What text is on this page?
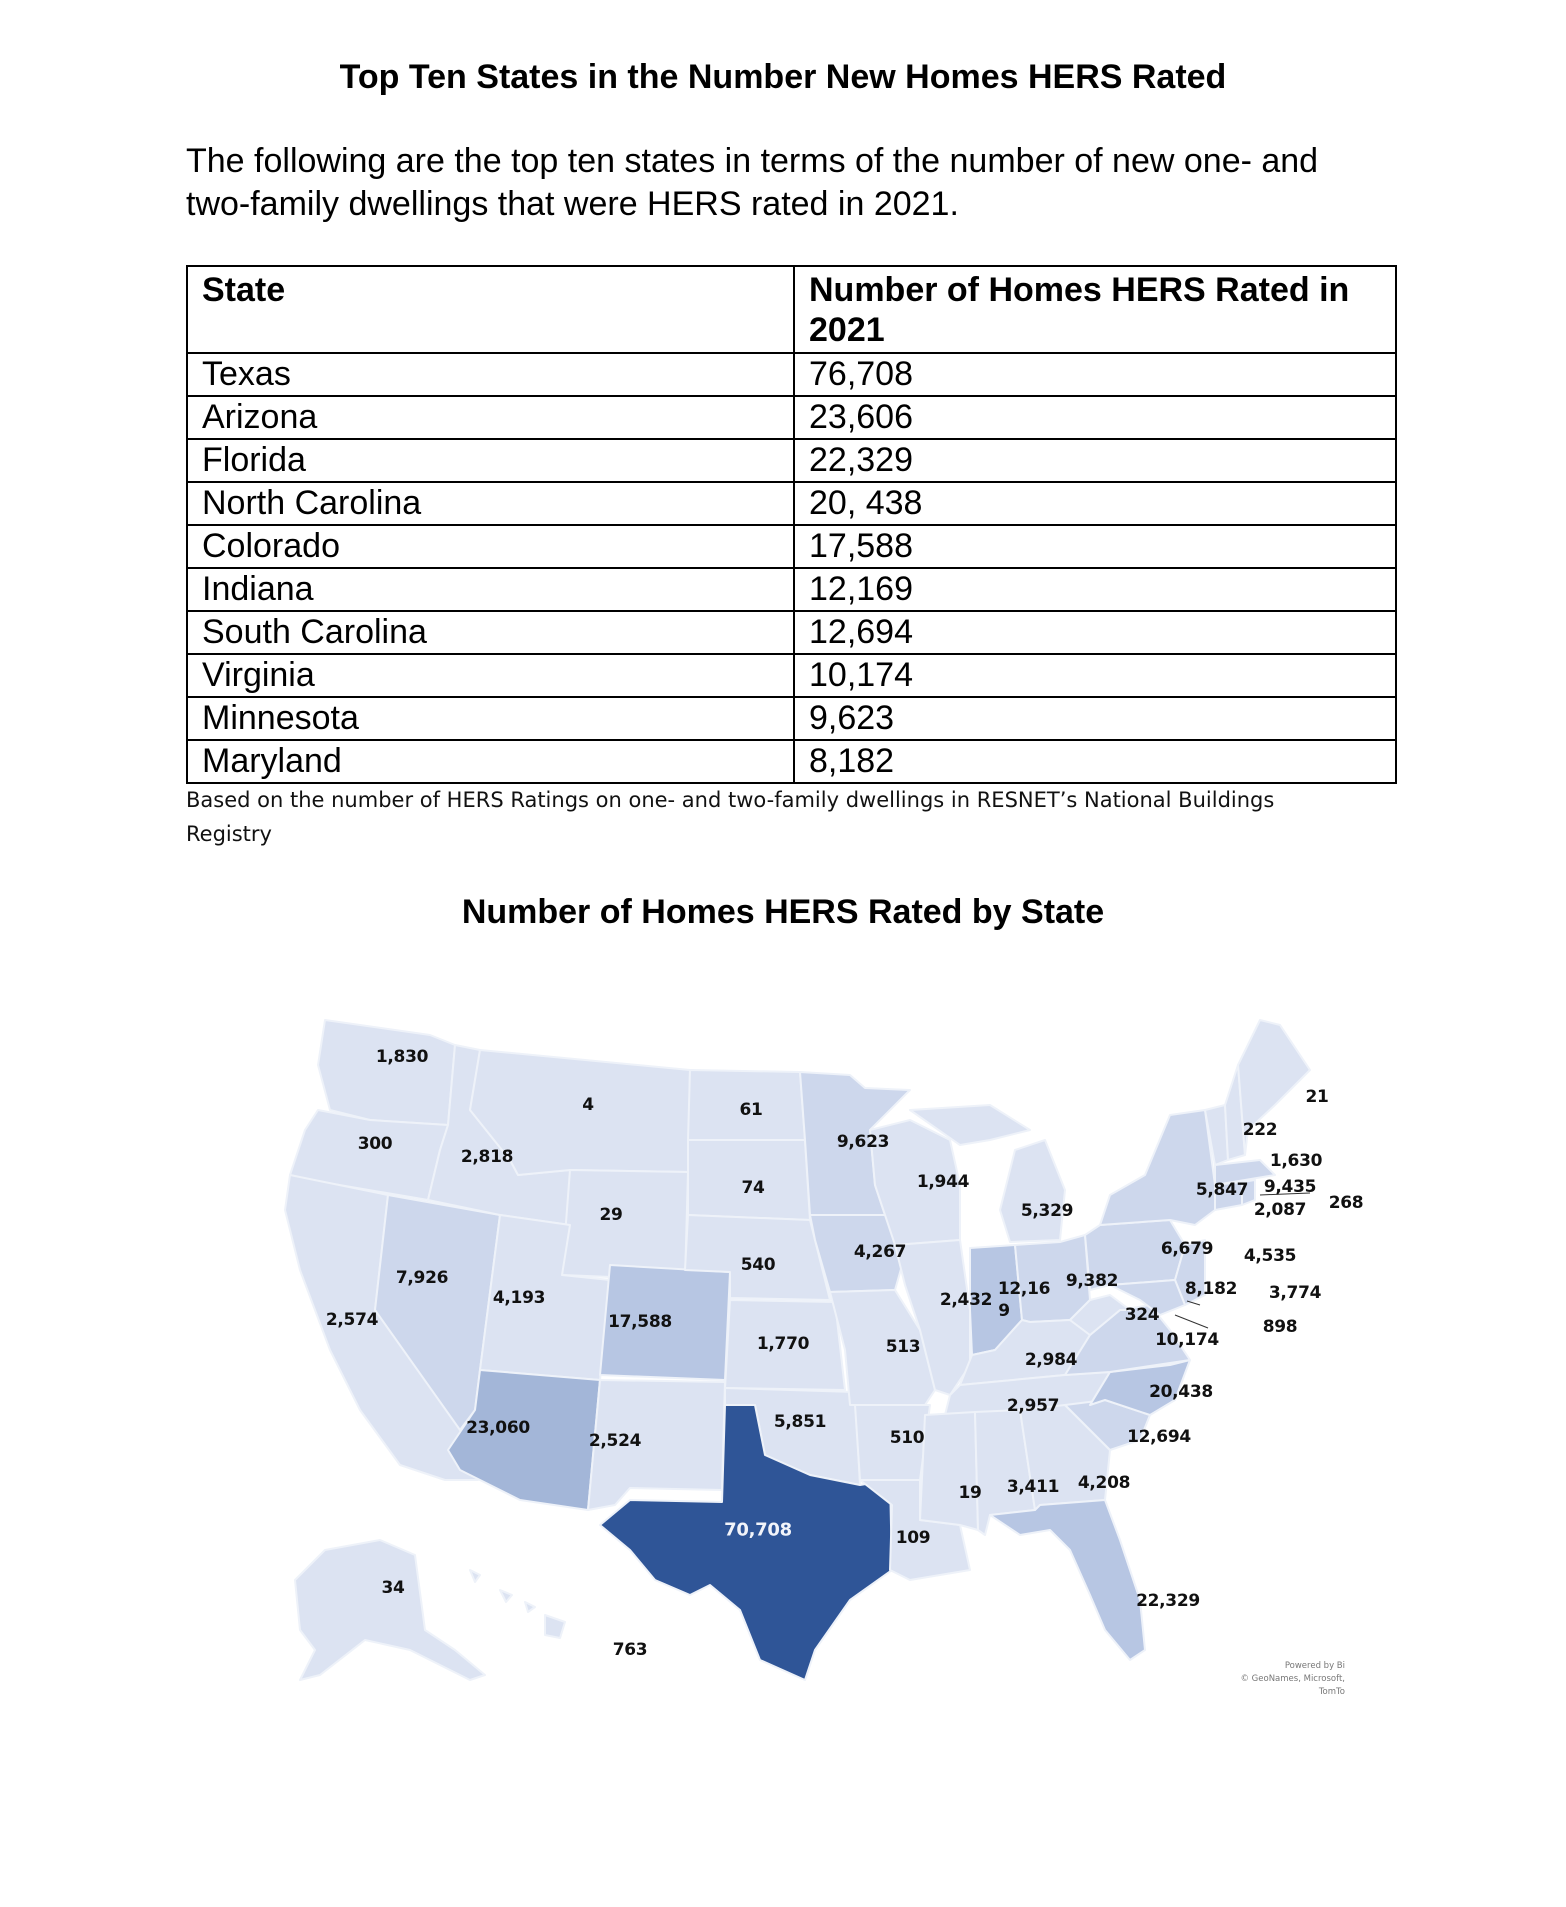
Top Ten States in the Number New Homes HERS Rated
The following are the top ten states in terms of the number of new one- and
two-family dwellings that were HERS rated in 2021.
State	Number of Homes HERS Rated in 2021
Texas	76,708
Arizona	23,606
Florida	22,329
North Carolina	20, 438
Colorado	17,588
Indiana	12,169
South Carolina	12,694
Virginia	10,174
Minnesota	9,623
Maryland	8,182
Based on the number of HERS Ratings on one- and two-family dwellings in RESNET’s National Buildings
Registry
Number of Homes HERS Rated by State
1,830
300
2,574
2,818
7,926
4
29
4,193
17,588
23,060
2,524
61
74
540
1,770
5,851
70,708
9,623
4,267
513
510
109
1,944
2,432
5,329
12,16
9
9,382
2,984
2,957
19 3,411 4,208
22,329
12,694
20,438
10,174
324
6,679
5,847
222
1,630
21
9,435
2,087 268
4,535
8,182 3,774
898
34
763
Powered by Bi
© GeoNames, Microsoft, TomTo
